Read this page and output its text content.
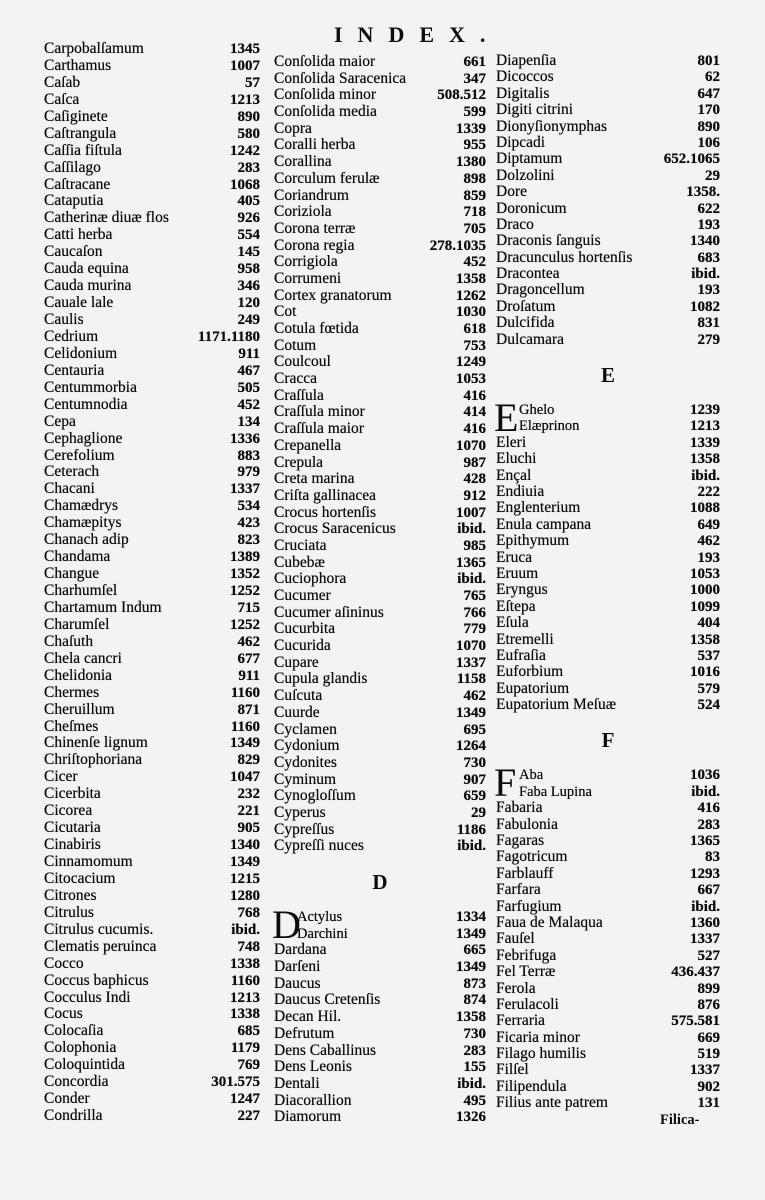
INDEX.
Carpobalſamum	1345
Carthamus	1007
Caſab	57
Caſca	1213
Caſiginete	890
Caſtrangula	580
Caſſia fiſtula	1242
Caſſilago	283
Caſtracane	1068
Cataputia	405
Catherinæ diuæ flos	926
Catti herba	554
Caucaſon	145
Cauda equina	958
Cauda murina	346
Cauale lale	120
Caulis	249
Cedrium	1171.1180
Celidonium	911
Centauria	467
Centummorbia	505
Centumnodia	452
Cepa	134
Cephaglione	1336
Cerefolium	883
Ceterach	979
Chacani	1337
Chamædrys	534
Chamæpitys	423
Chanach adip	823
Chandama	1389
Changue	1352
Charhumſel	1252
Chartamum Indum	715
Charumſel	1252
Chaſuth	462
Chela cancri	677
Chelidonia	911
Chermes	1160
Cheruillum	871
Cheſmes	1160
Chinenſe lignum	1349
Chriſtophoriana	829
Cicer	1047
Cicerbita	232
Cicorea	221
Cicutaria	905
Cinabiris	1340
Cinnamomum	1349
Citocacium	1215
Citrones	1280
Citrulus	768
Citrulus cucumis.	ibid.
Clematis peruinca	748
Cocco	1338
Coccus baphicus	1160
Cocculus Indi	1213
Cocus	1338
Colocaſia	685
Colophonia	1179
Coloquintida	769
Concordia	301.575
Conder	1247
Condrilla	227
Conſolida maior	661
Conſolida Saracenica	347
Conſolida minor	508.512
Conſolida media	599
Copra	1339
Coralli herba	955
Corallina	1380
Corculum ferulæ	898
Coriandrum	859
Coriziola	718
Corona terræ	705
Corona regia	278.1035
Corrigiola	452
Corrumeni	1358
Cortex granatorum	1262
Cot	1030
Cotula fœtida	618
Cotum	753
Coulcoul	1249
Cracca	1053
Craſſula	416
Craſſula minor	414
Craſſula maior	416
Crepanella	1070
Crepula	987
Creta marina	428
Criſta gallinacea	912
Crocus hortenſis	1007
Crocus Saracenicus	ibid.
Cruciata	985
Cubebæ	1365
Cuciophora	ibid.
Cucumer	765
Cucumer aſininus	766
Cucurbita	779
Cucurida	1070
Cupare	1337
Cupula glandis	1158
Cuſcuta	462
Cuurde	1349
Cyclamen	695
Cydonium	1264
Cydonites	730
Cyminum	907
Cynogloſſum	659
Cyperus	29
Cypreſſus	1186
Cypreſſi nuces	ibid.
D
D
Actylus	1334
Darchini	1349
Dardana	665
Darſeni	1349
Daucus	873
Daucus Cretenſis	874
Decan Hil.	1358
Defrutum	730
Dens Caballinus	283
Dens Leonis	155
Dentali	ibid.
Diacorallion	495
Diamorum	1326
Diapenſia	801
Dicoccos	62
Digitalis	647
Digiti citrini	170
Dionyſionymphas	890
Dipcadi	106
Diptamum	652.1065
Dolzolini	29
Dore	1358.
Doronicum	622
Draco	193
Draconis ſanguis	1340
Dracunculus hortenſis	683
Dracontea	ibid.
Dragoncellum	193
Droſatum	1082
Dulcifida	831
Dulcamara	279
E
E Ghelo	1239
Elæprinon	1213
Eleri	1339
Eluchi	1358
Ençal	ibid.
Endiuia	222
Englenterium	1088
Enula campana	649
Epithymum	462
Eruca	193
Eruum	1053
Eryngus	1000
Eſtepa	1099
Eſula	404
Etremelli	1358
Eufraſia	537
Euforbium	1016
Eupatorium	579
Eupatorium Meſuæ	524
F
F Aba	1036
Faba Lupina	ibid.
Fabaria	416
Fabulonia	283
Fagaras	1365
Fagotricum	83
Farblauff	1293
Farfara	667
Farfugium	ibid.
Faua de Malaqua	1360
Fauſel	1337
Febrifuga	527
Fel Terræ	436.437
Ferola	899
Ferulacoli	876
Ferraria	575.581
Ficaria minor	669
Filago humilis	519
Filſel	1337
Filipendula	902
Filius ante patrem	131
Filica-
